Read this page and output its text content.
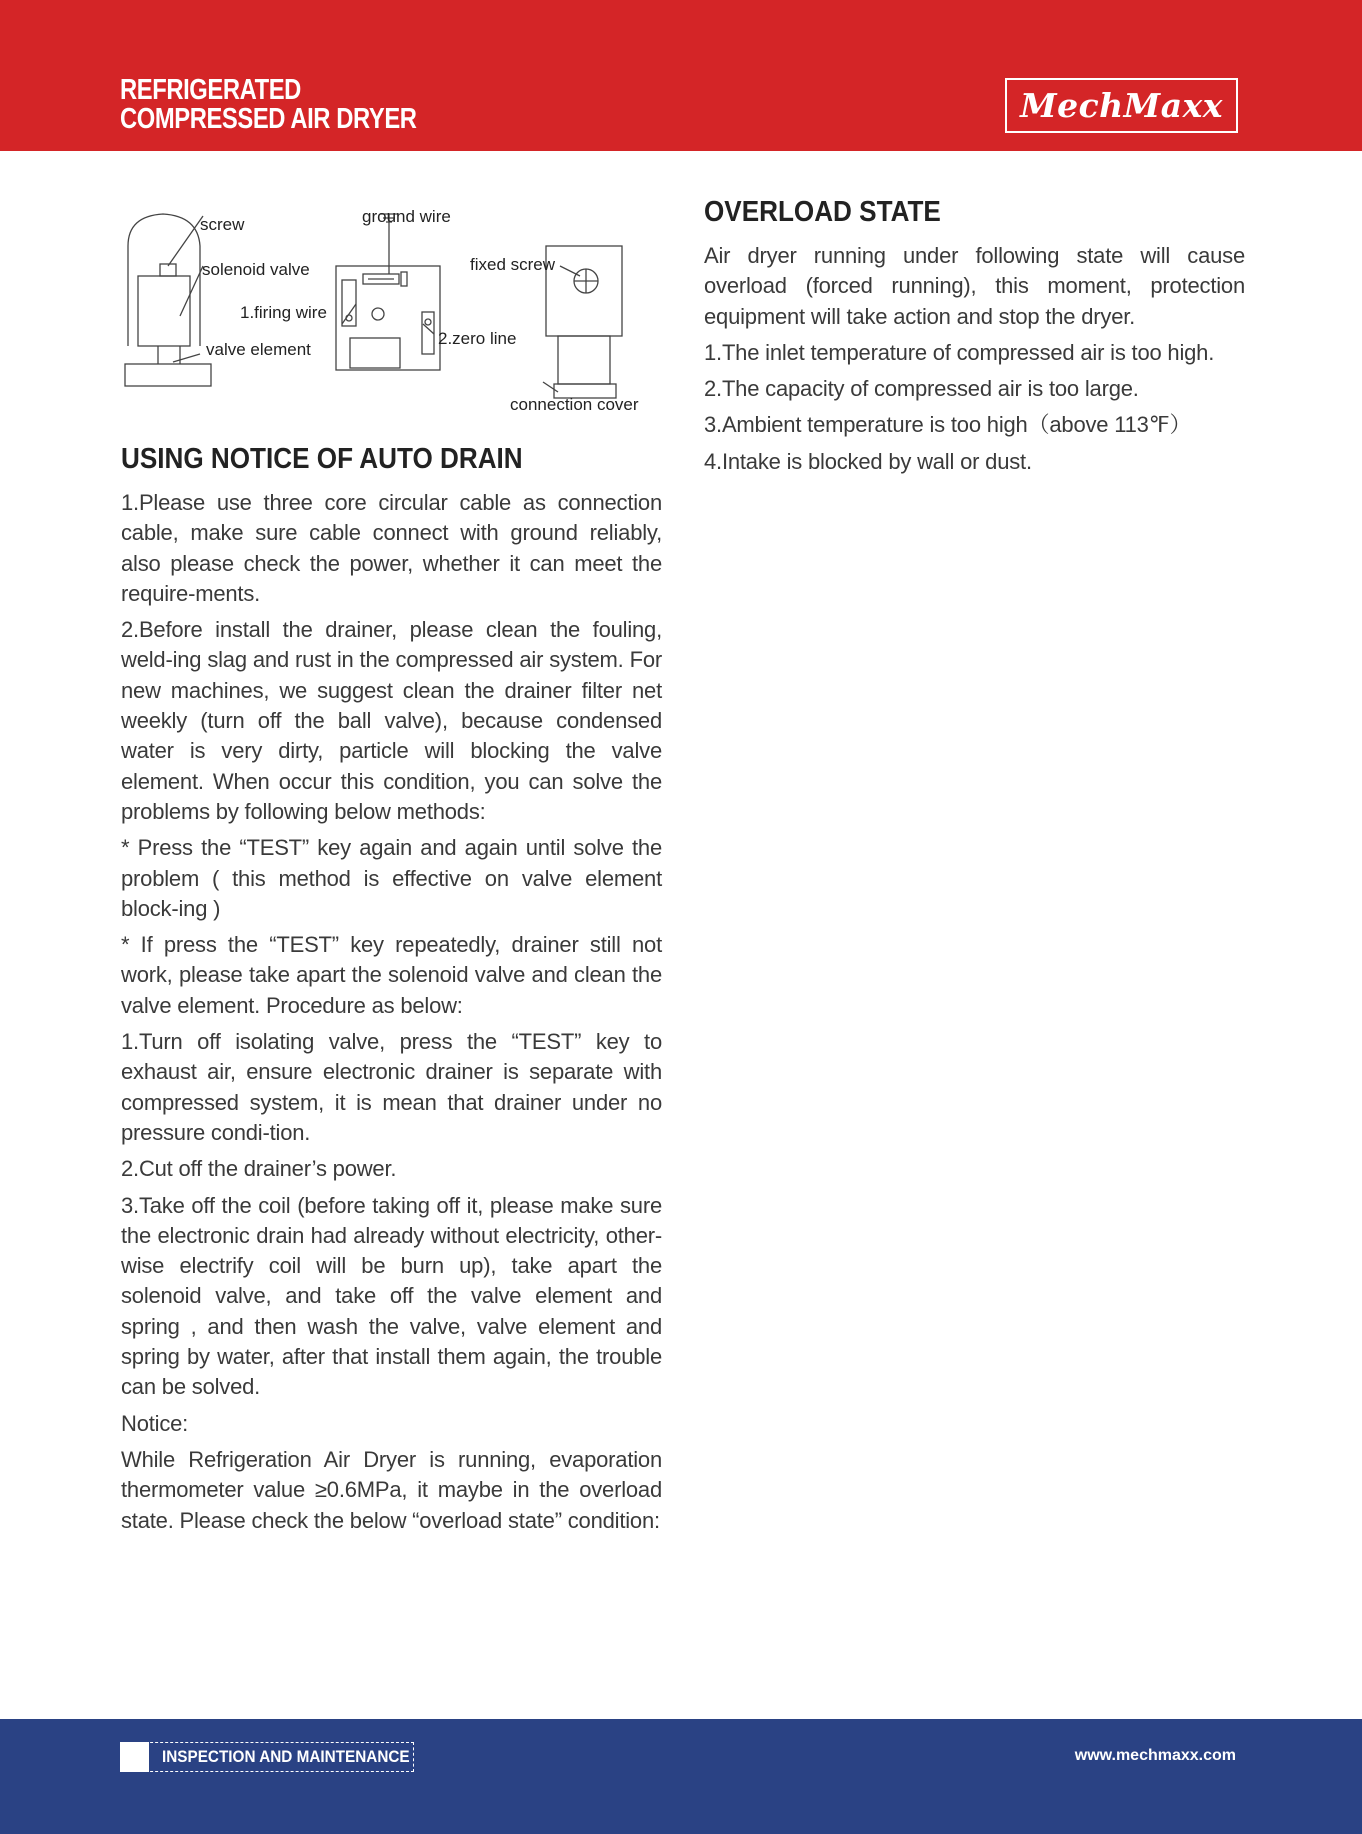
REFRIGERATED
COMPRESSED AIR DRYER	MechMaxx
screw	ground wire
solenoid valve	fixed screw
1.firing wire
2.zero line
valve element
connection cover
USING NOTICE OF AUTO DRAIN

1.Please use three core circular cable as connection cable, make sure cable connect with ground reliably, also please check the power, whether it can meet the require-ments.

2.Before install the drainer, please clean the fouling, weld-ing slag and rust in the compressed air system. For new machines, we suggest clean the drainer filter net weekly (turn off the ball valve), because condensed water is very dirty, particle will blocking the valve element. When occur this condition, you can solve the problems by following below methods:

* Press the “TEST” key again and again until solve the problem ( this method is effective on valve element block-ing )

* If press the “TEST” key repeatedly, drainer still not work, please take apart the solenoid valve and clean the valve element. Procedure as below:

1.Turn off isolating valve, press the “TEST” key to exhaust air, ensure electronic drainer is separate with compressed system, it is mean that drainer under no pressure condi-tion.

2.Cut off the drainer’s power.

3.Take off the coil (before taking off it, please make sure the electronic drain had already without electricity, other-wise electrify coil will be burn up), take apart the solenoid valve, and take off the valve element and spring , and then wash the valve, valve element and spring by water, after that install them again, the trouble can be solved.

Notice:

While Refrigeration Air Dryer is running, evaporation thermometer value ≥0.6MPa, it maybe in the overload state. Please check the below “overload state” condition:

OVERLOAD STATE

Air dryer running under following state will cause overload (forced running), this moment, protection equipment will take action and stop the dryer.

1.The inlet temperature of compressed air is too high.

2.The capacity of compressed air is too large.

3.Ambient temperature is too high（above 113℉）

4.Intake is blocked by wall or dust.

INSPECTION AND MAINTENANCE	www.mechmaxx.com
